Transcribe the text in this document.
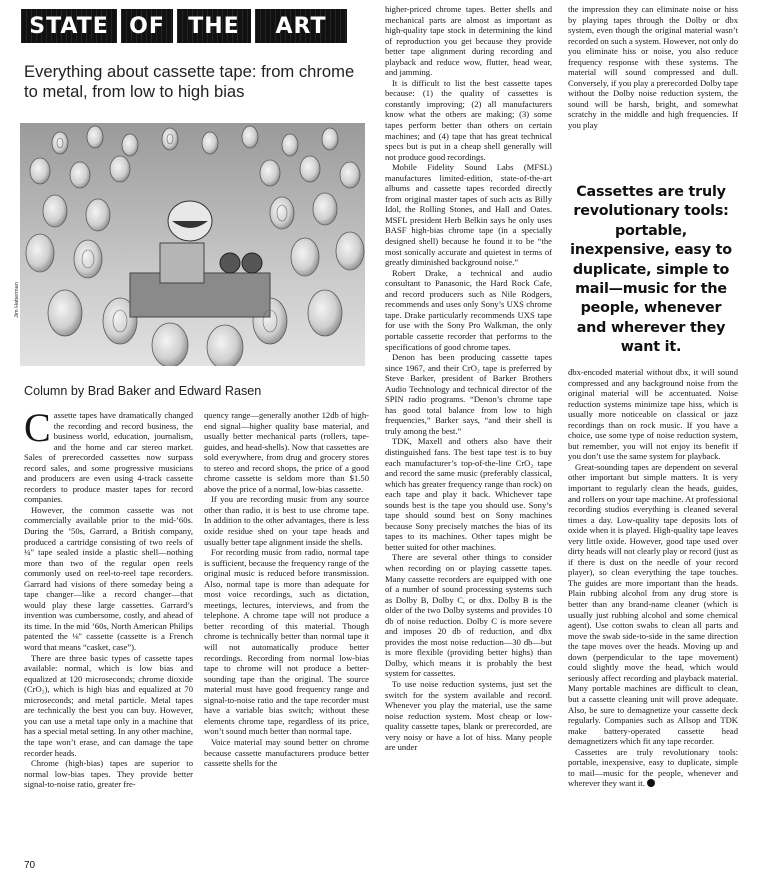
STATE OF	THE	ART
Everything about cassette tape: from chrome to metal, from low to high bias
Jim Haberman
Column by Brad Baker and Edward Rasen

Cassette tapes have dramatically changed the recording and record business, the business world, education, journalism, and the home and car stereo market. Sales of prerecorded cassettes now surpass record sales, and some progressive musicians and producers are even using 4-track cassette recorders to produce master tapes for record companies.

However, the common cassette was not commercially available prior to the mid-’60s. During the ’50s, Garrard, a British company, produced a cartridge consisting of two reels of ¼" tape sealed inside a plastic shell—nothing more than two of the regular open reels commonly used on reel-to-reel tape recorders. Garrard had visions of there someday being a tape changer—like a record changer—that would play these large cassettes. Garrard’s invention was cumbersome, costly, and ahead of its time. In the mid ’60s, North American Philips patented the ⅛" cassette (cassette is a French word that means “casket, case”).

There are three basic types of cassette tapes available: normal, which is low bias and equalized at 120 microseconds; chrome dioxide (CrO₂), which is high bias and equalized at 70 microseconds; and metal particle. Metal tapes are technically the best you can buy. However, you can use a metal tape only in a machine that has a special metal setting. In any other machine, the tape won’t erase, and can damage the tape recorder heads.

Chrome (high-bias) tapes are superior to normal low-bias tapes. They provide better signal-to-noise ratio, greater fre-

quency range—generally another 12db of high-end signal—higher quality base material, and usually better mechanical parts (rollers, tape-guides, and head-shells). Now that cassettes are sold everywhere, from drug and grocery stores to stereo and record shops, the price of a good chrome cassette is seldom more than $1.50 above the price of a normal, low-bias cassette.

If you are recording music from any source other than radio, it is best to use chrome tape. In addition to the other advantages, there is less oxide residue shed on your tape heads and usually better tape alignment inside the shells.

For recording music from radio, normal tape is sufficient, because the frequency range of the original music is reduced before transmission. Also, normal tape is more than adequate for most voice recordings, such as dictation, meetings, lectures, interviews, and from the telephone. A chrome tape will not produce a better recording of this material. Though chrome is technically better than normal tape it will not automatically produce better recordings. Recording from normal low-bias tape to chrome will not produce a better-sounding tape than the original. The source material must have good frequency range and signal-to-noise ratio and the tape recorder must have a variable bias switch; without these elements chrome tape, regardless of its price, won’t sound much better than normal tape.

Voice material may sound better on chrome because cassette manufacturers produce better cassette shells for the

higher-priced chrome tapes. Better shells and mechanical parts are almost as important as high-quality tape stock in determining the kind of reproduction you get because they provide better tape alignment during recording and playback and reduce wow, flutter, head wear, and jamming.

It is difficult to list the best cassette tapes because: (1) the quality of cassettes is constantly improving; (2) all manufacturers know what the others are making; (3) some tapes perform better than others on certain machines; and (4) tape that has great technical specs but is put in a cheap shell generally will not produce good recordings.

Mobile Fidelity Sound Labs (MFSL) manufactures limited-edition, state-of-the-art albums and cassette tapes recorded directly from original master tapes of such acts as Billy Idol, the Rolling Stones, and Hall and Oates. MSFL president Herb Belkin says he only uses BASF high-bias chrome tape (in a specially designed shell) because he found it to be “the most sonically accurate and quietest in terms of greatly diminished background noise.”

Robert Drake, a technical and audio consultant to Panasonic, the Hard Rock Cafe, and record producers such as Nile Rodgers, recommends and uses only Sony’s UXS chrome tape. Drake particularly recommends UXS tape for use with the Sony Pro Walkman, the only portable cassette recorder that performs to the specifications of good chrome tapes.

Denon has been producing cassette tapes since 1967, and their CrO₂ tape is preferred by Steve Barker, president of Barker Brothers Audio Technology and technical director of the SPIN radio programs. “Denon’s chrome tape has good total balance from low to high frequencies,” Barker says, “and their shell is truly among the best.”

TDK, Maxell and others also have their distinguished fans. The best tape test is to buy each manufacturer’s top-of-the-line CrO₂ tape and record the same music (preferably classical, which has greater frequency range than rock) on each tape and play it back. Whichever tape sounds best is the tape you should use. Sony’s tape should sound best on Sony machines because Sony precisely matches the bias of its tapes to its machines. Other tapes might be better suited for other machines.

There are several other things to consider when recording on or playing cassette tapes. Many cassette recorders are equipped with one of a number of sound processing systems such as Dolby B, Dolby C, or dbx. Dolby B is the older of the two Dolby systems and provides 10 db of noise reduction. Dolby C is more severe and imposes 20 db of reduction, and dbx provides the most noise reduction—30 db—but is more flexible (providing better highs) than Dolby, which means it is probably the best system for cassettes.

To use noise reduction systems, just set the switch for the system available and record. Whenever you play the material, use the same noise reduction system. Most cheap or low-quality cassette tapes, blank or prerecorded, are very noisy or have a lot of hiss. Many people are under

the impression they can eliminate noise or hiss by playing tapes through the Dolby or dbx system, even though the original material wasn’t recorded on such a system. However, not only do you eliminate hiss or noise, you also reduce frequency response with these systems. The material will sound compressed and dull. Conversely, if you play a prerecorded Dolby tape without the Dolby noise reduction system, the sound will be harsh, bright, and somewhat scratchy in the middle and high frequencies. If you play

Cassettes are truly revolutionary tools: portable, inexpensive, easy to duplicate, simple to mail—music for the people, whenever and wherever they want it.

dbx-encoded material without dbx, it will sound compressed and any background noise from the original material will be accentuated. Noise reduction systems minimize tape hiss, which is usually more noticeable on classical or jazz recordings than on rock music. If you have a choice, use some type of noise reduction system, but remember, you will not enjoy its benefit if you don’t use the same system for playback.

Great-sounding tapes are dependent on several other important but simple matters. It is very important to regularly clean the heads, guides, and rollers on your tape machine. At professional recording studios everything is cleaned several times a day. Low-quality tape deposits lots of oxide when it is played. High-quality tape leaves very little oxide. However, good tape used over dirty heads will not clearly play or record (just as if there is dust on the needle of your record player), so clean everything the tape touches. The guides are more important than the heads. Plain rubbing alcohol from any drug store is better than any brand-name cleaner (which is usually just rubbing alcohol and some chemical agent). Use cotton swabs to clean all parts and move the swab side-to-side in the same direction the tape moves over the heads. Moving up and down (perpendicular to the tape movement) could slightly move the head, which would seriously affect recording and playback material. Many portable machines are difficult to clean, but a cassette cleaning unit will prove adequate. Also, be sure to demagnetize your cassette deck regularly. Companies such as Allsop and TDK make battery-operated cassette head demagnetizers which fit any tape recorder.

Cassettes are truly revolutionary tools: portable, inexpensive, easy to duplicate, simple to mail—music for the people, whenever and wherever they want it.

70
